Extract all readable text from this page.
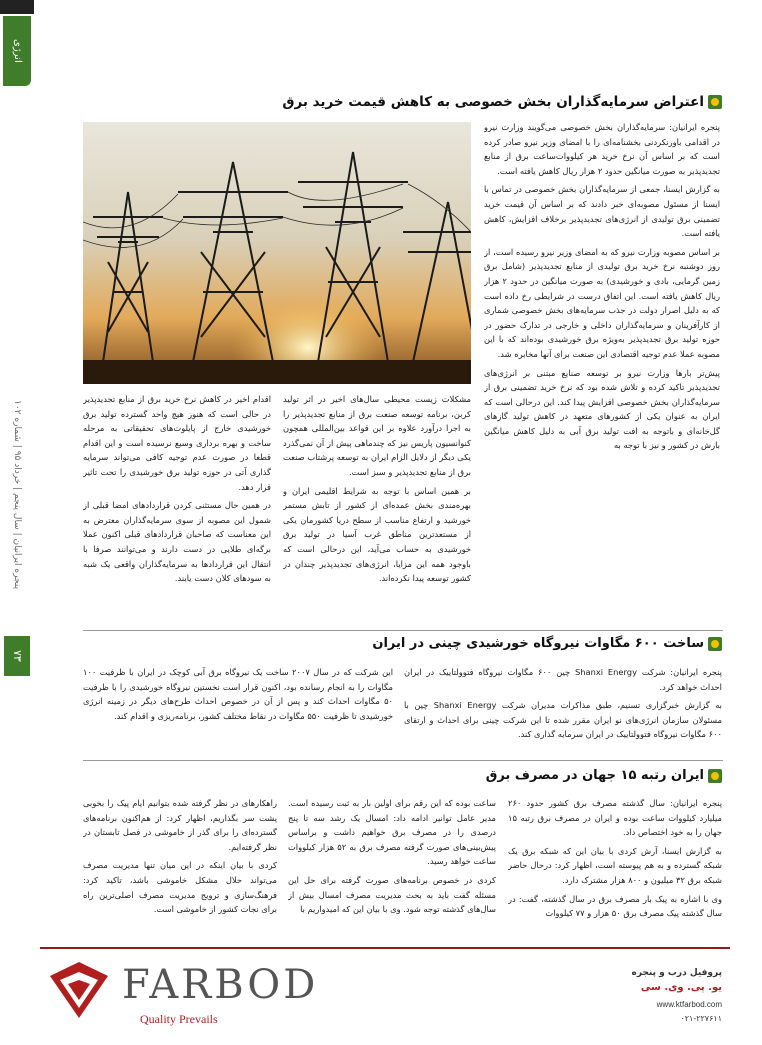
انرژی
پنجره ایرانیان | سال پنجم | خرداد ۹۵ | شماره ۱۰۲
۷۳
اعتراض سرمایه‌گذاران بخش خصوصی به کاهش قیمت خرید برق

پنجره ایرانیان: سرمایه‌گذاران بخش خصوصی می‌گویند وزارت نیرو در اقدامی باورنکردنی بخشنامه‌ای را با امضای وزیر نیرو صادر کرده است که بر اساس آن نرخ خرید هر کیلووات‌ساعت برق از منابع تجدیدپذیر به صورت میانگین حدود ۲ هزار ریال کاهش یافته است.

به گزارش ایسنا، جمعی از سرمایه‌گذاران بخش خصوصی در تماس با ایسنا از مسئول مصوبه‌ای خبر دادند که بر اساس آن قیمت خرید تضمینی برق تولیدی از انرژی‌های تجدیدپذیر برخلاف افزایش، کاهش یافته است.

بر اساس مصوبه وزارت نیرو که به امضای وزیر نیرو رسیده است، از روز دوشنبه نرخ خرید برق تولیدی از منابع تجدیدپذیر (شامل برق زمین گرمایی، بادی و خورشیدی) به صورت میانگین در حدود ۲ هزار ریال کاهش یافته است. این اتفاق درست در شرایطی رخ داده است که به دلیل اصرار دولت در جذب سرمایه‌های بخش خصوصی شماری از کارآفرینان و سرمایه‌گذاران داخلی و خارجی در تدارک حضور در حوزه تولید برق تجدیدپذیر به‌ویژه برق خورشیدی بوده‌اند که با این مصوبه عملا عدم توجیه اقتصادی این صنعت برای آنها مخابره شد.

پیش‌تر بارها وزارت نیرو بر توسعه صنایع مبتنی بر انرژی‌های تجدیدپذیر تاکید کرده و تلاش شده بود که نرخ خرید تضمینی برق از سرمایه‌گذاران بخش خصوصی افزایش پیدا کند. این درحالی است که ایران به عنوان یکی از کشورهای متعهد در کاهش تولید گازهای گل‌خانه‌ای و باتوجه به افت تولید برق آبی به دلیل کاهش میانگین بارش در کشور و نیز با توجه به

مشکلات زیست محیطی سال‌های اخیر در اثر تولید کربن، برنامه توسعه صنعت برق از منابع تجدیدپذیر را به اجرا درآورد علاوه بر این قواعد بین‌المللی همچون کنوانسیون پاریس نیز که چندماهی پیش از آن نمی‌گذرد یکی دیگر از دلایل الزام ایران به توسعه پرشتاب صنعت برق از منابع تجدیدپذیر و سبز است.

بر همین اساس با توجه به شرایط اقلیمی ایران و بهره‌مندی بخش عمده‌ای از کشور از تابش مستمر خورشید و ارتفاع مناسب از سطح دریا کشورمان یکی از مستعدترین مناطق غرب آسیا در تولید برق خورشیدی به حساب می‌آید، این درحالی است که باوجود همه این مزایا، انرژی‌های تجدیدپذیر چندان در کشور توسعه پیدا نکرده‌اند.

اقدام اخیر در کاهش نرخ خرید برق از منابع تجدیدپذیر در حالی است که هنوز هیچ واحد گسترده تولید برق خورشیدی خارج از پایلوت‌های تحقیقاتی به مرحله ساخت و بهره برداری وسیع نرسیده است و این اقدام قطعا در صورت عدم توجیه کافی می‌تواند سرمایه گذاری آتی در حوزه تولید برق خورشیدی را تحت تاثیر قرار دهد.

در همین حال مستثنی کردن قراردادهای امضا قبلی از شمول این مصوبه از سوی سرمایه‌گذاران معترض به این معناست که صاحبان قراردادهای قبلی اکنون عملا برگه‌ای طلایی در دست دارند و می‌توانند صرفا با انتقال این قراردادها به سرمایه‌گذاران واقعی یک شبه به سودهای کلان دست یابند.

ساخت ۶۰۰ مگاوات نیروگاه خورشیدی چینی در ایران

پنجره ایرانیان: شرکت Shanxi Energy چین ۶۰۰ مگاوات نیروگاه فتوولتاییک در ایران احداث خواهد کرد.

به گزارش خبرگزاری تسنیم، طبق مذاکرات مدیران شرکت Shanxi Energy چین با مسئولان سازمان انرژی‌های نو ایران مقرر شده تا این شرکت چینی برای احداث و ارتقای ۶۰۰ مگاوات نیروگاه فتوولتاییک در ایران سرمایه گذاری کند.

این شرکت که در سال ۲۰۰۷ ساخت یک نیروگاه برق آبی کوچک در ایران با ظرفیت ۱۰۰ مگاوات را به انجام رسانده بود، اکنون قرار است نخستین نیروگاه خورشیدی را با ظرفیت ۵۰ مگاوات احداث کند و پس از آن در خصوص احداث طرح‌های دیگر در زمینه انرژی خورشیدی تا ظرفیت ۵۵۰ مگاوات در نقاط مختلف کشور، برنامه‌ریزی و اقدام کند.

ایران رتبه ۱۵ جهان در مصرف برق

پنجره ایرانیان: سال گذشته مصرف برق کشور حدود ۲۶۰ میلیارد کیلووات ساعت بوده و ایران در مصرف برق رتبه ۱۵ جهان را به خود اختصاص داد.

به گزارش ایسنا، آرش کردی با بیان این که شبکه برق یک شبکه گسترده و به هم پیوسته است، اظهار کرد: درحال حاضر شبکه برق ۳۲ میلیون و ۸۰۰ هزار مشترک دارد.

وی با اشاره به پیک بار مصرف برق در سال گذشته، گفت: در سال گذشته پیک مصرف برق ۵۰ هزار و ۷۷ کیلووات

ساعت بوده که این رقم برای اولین بار به ثبت رسیده است. مدیر عامل توانیر ادامه داد: امسال یک رشد سه تا پنج درصدی را در مصرف برق خواهیم داشت و براساس پیش‌بینی‌های صورت گرفته مصرف برق به ۵۲ هزار کیلووات ساعت خواهد رسید.

کردی در خصوص برنامه‌های صورت گرفته برای حل این مسئله گفت باید به بحث مدیریت مصرف امسال بیش از سال‌های گذشته توجه شود. وی با بیان این که امیدواریم با

راهکارهای در نظر گرفته شده بتوانیم ایام پیک را بخوبی پشت سر بگذاریم، اظهار کرد: از هم‌اکنون برنامه‌های گسترده‌ای را برای گذر از خاموشی در فصل تابستان در نظر گرفته‌ایم.

کردی با بیان اینکه در این میان تنها مدیریت مصرف می‌تواند حلال مشکل خاموشی باشد، تاکید کرد: فرهنگ‌سازی و ترویج مدیریت مصرف اصلی‌ترین راه برای نجات کشور از خاموشی است.

FARBOD
Quality Prevails
پروفیل درب و پنجره
یو. پی. وی. سی
www.ktfarbod.com
۰۲۱-۲۲۷۶۱۱
